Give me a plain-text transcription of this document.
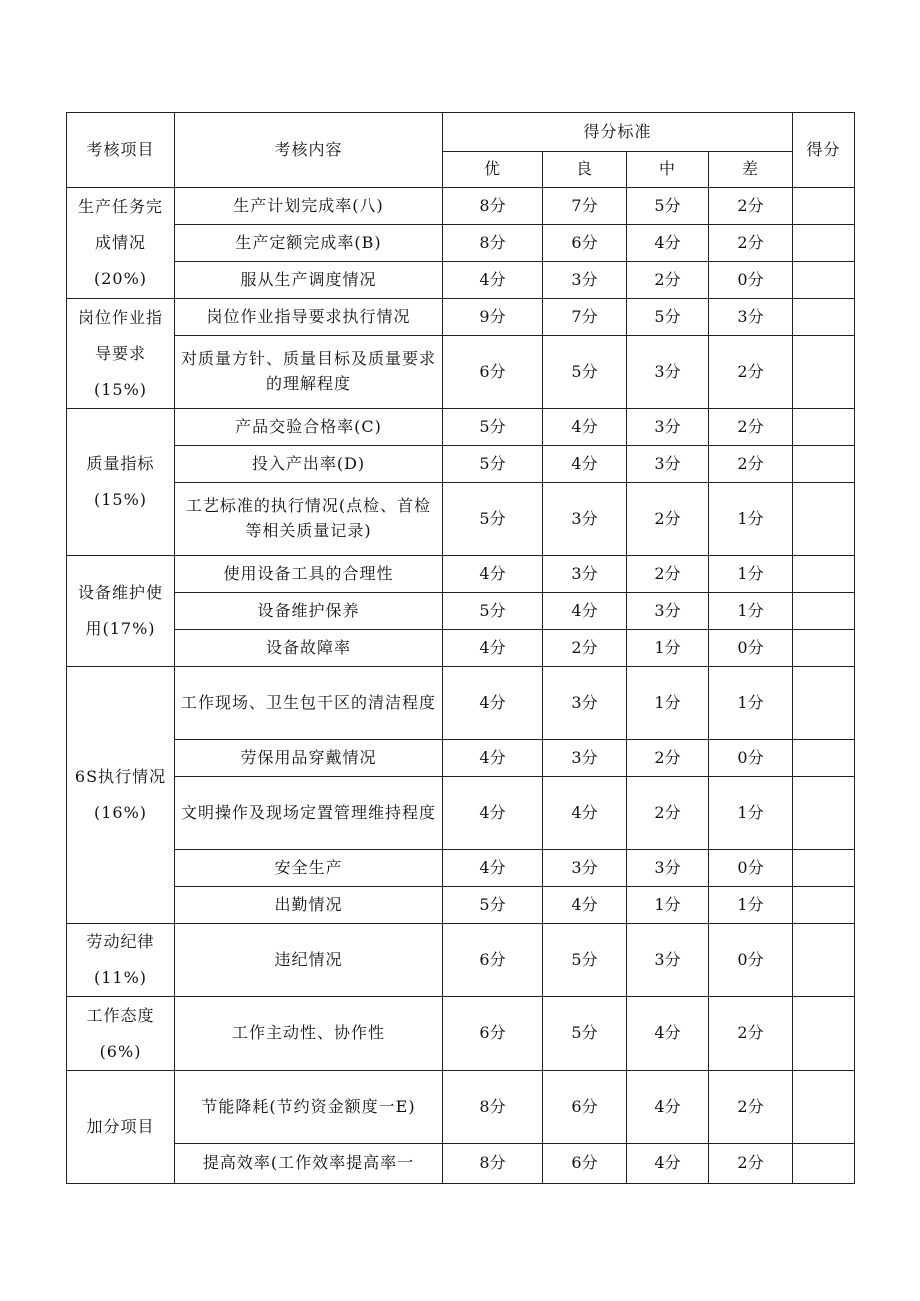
考核项目	考核内容	得分标准				得分
		优	良	中	差	
生产任务完成情况(20%)	生产计划完成率(八)	8分	7分	5分	2分	
	生产定额完成率(B)	8分	6分	4分	2分	
	服从生产调度情况	4分	3分	2分	0分	
岗位作业指导要求(15%)	岗位作业指导要求执行情况	9分	7分	5分	3分	
	对质量方针、质量目标及质量要求的理解程度	6分	5分	3分	2分	
质量指标(15%)	产品交验合格率(C)	5分	4分	3分	2分	
	投入产出率(D)	5分	4分	3分	2分	
	工艺标准的执行情况(点检、首检等相关质量记录)	5分	3分	2分	1分	
设备维护使用(17%)	使用设备工具的合理性	4分	3分	2分	1分	
	设备维护保养	5分	4分	3分	1分	
	设备故障率	4分	2分	1分	0分	
6S执行情况(16%)	工作现场、卫生包干区的清洁程度	4分	3分	1分	1分	
	劳保用品穿戴情况	4分	3分	2分	0分	
	文明操作及现场定置管理维持程度	4分	4分	2分	1分	
	安全生产	4分	3分	3分	0分	
	出勤情况	5分	4分	1分	1分	
劳动纪律(11%)	违纪情况	6分	5分	3分	0分	
工作态度(6%)	工作主动性、协作性	6分	5分	4分	2分	
加分项目	节能降耗(节约资金额度一E)	8分	6分	4分	2分	
	提高效率(工作效率提高率一	8分	6分	4分	2分	
